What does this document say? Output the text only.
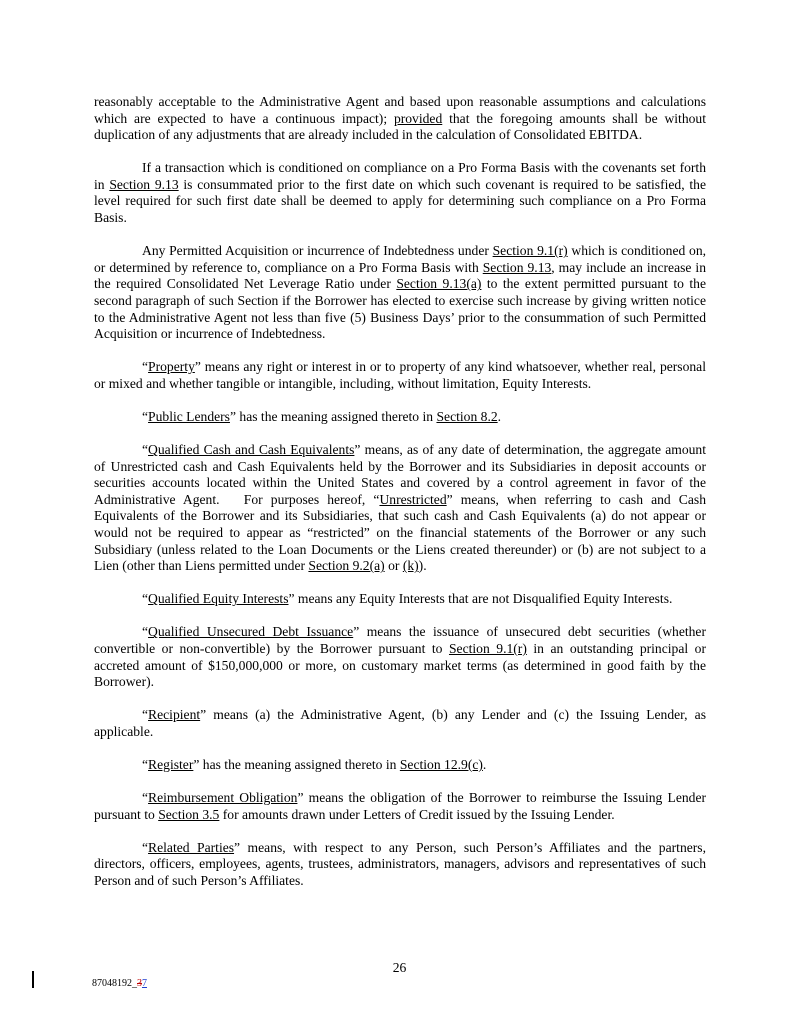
reasonably acceptable to the Administrative Agent and based upon reasonable assumptions and calculations which are expected to have a continuous impact); provided that the foregoing amounts shall be without duplication of any adjustments that are already included in the calculation of Consolidated EBITDA.

If a transaction which is conditioned on compliance on a Pro Forma Basis with the covenants set forth in Section 9.13 is consummated prior to the first date on which such covenant is required to be satisfied, the level required for such first date shall be deemed to apply for determining such compliance on a Pro Forma Basis.

Any Permitted Acquisition or incurrence of Indebtedness under Section 9.1(r) which is conditioned on, or determined by reference to, compliance on a Pro Forma Basis with Section 9.13, may include an increase in the required Consolidated Net Leverage Ratio under Section 9.13(a) to the extent permitted pursuant to the second paragraph of such Section if the Borrower has elected to exercise such increase by giving written notice to the Administrative Agent not less than five (5) Business Days’ prior to the consummation of such Permitted Acquisition or incurrence of Indebtedness.

“Property” means any right or interest in or to property of any kind whatsoever, whether real, personal or mixed and whether tangible or intangible, including, without limitation, Equity Interests.

“Public Lenders” has the meaning assigned thereto in Section 8.2.

“Qualified Cash and Cash Equivalents” means, as of any date of determination, the aggregate amount of Unrestricted cash and Cash Equivalents held by the Borrower and its Subsidiaries in deposit accounts or securities accounts located within the United States and covered by a control agreement in favor of the Administrative Agent.   For purposes hereof, “Unrestricted” means, when referring to cash and Cash Equivalents of the Borrower and its Subsidiaries, that such cash and Cash Equivalents (a) do not appear or would not be required to appear as “restricted” on the financial statements of the Borrower or any such Subsidiary (unless related to the Loan Documents or the Liens created thereunder) or (b) are not subject to a Lien (other than Liens permitted under Section 9.2(a) or (k)).

“Qualified Equity Interests” means any Equity Interests that are not Disqualified Equity Interests.

“Qualified Unsecured Debt Issuance” means the issuance of unsecured debt securities (whether convertible or non-convertible) by the Borrower pursuant to Section 9.1(r) in an outstanding principal or accreted amount of $150,000,000 or more, on customary market terms (as determined in good faith by the Borrower).

“Recipient” means (a) the Administrative Agent, (b) any Lender and (c) the Issuing Lender, as applicable.

“Register” has the meaning assigned thereto in Section 12.9(c).

“Reimbursement Obligation” means the obligation of the Borrower to reimburse the Issuing Lender pursuant to Section 3.5 for amounts drawn under Letters of Credit issued by the Issuing Lender.

“Related Parties” means, with respect to any Person, such Person’s Affiliates and the partners, directors, officers, employees, agents, trustees, administrators, managers, advisors and representatives of such Person and of such Person’s Affiliates.

26
87048192_37
